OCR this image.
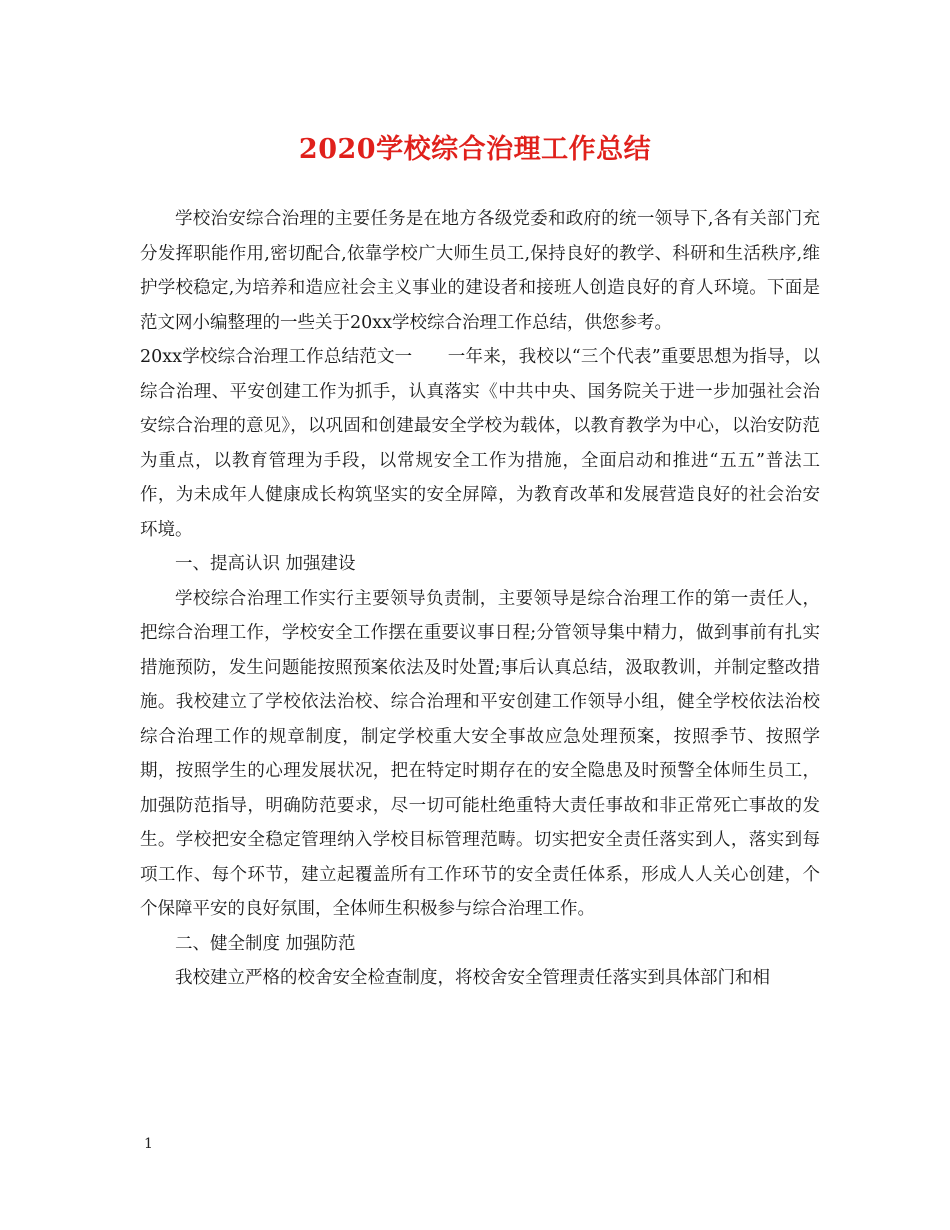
2020学校综合治理工作总结

学校治安综合治理的主要任务是在地方各级党委和政府的统一领导下,各有关部门充分发挥职能作用,密切配合,依靠学校广大师生员工,保持良好的教学、科研和生活秩序,维护学校稳定,为培养和造应社会主义事业的建设者和接班人创造良好的育人环境。下面是范文网小编整理的一些关于20xx学校综合治理工作总结，供您参考。

20xx学校综合治理工作总结范文一　　一年来，我校以“三个代表”重要思想为指导，以综合治理、平安创建工作为抓手，认真落实《中共中央、国务院关于进一步加强社会治安综合治理的意见》，以巩固和创建最安全学校为载体，以教育教学为中心，以治安防范为重点，以教育管理为手段，以常规安全工作为措施，全面启动和推进“五五”普法工作，为未成年人健康成长构筑坚实的安全屏障，为教育改革和发展营造良好的社会治安环境。

一、提高认识 加强建设

学校综合治理工作实行主要领导负责制，主要领导是综合治理工作的第一责任人，把综合治理工作，学校安全工作摆在重要议事日程;分管领导集中精力，做到事前有扎实措施预防，发生问题能按照预案依法及时处置;事后认真总结，汲取教训，并制定整改措施。我校建立了学校依法治校、综合治理和平安创建工作领导小组，健全学校依法治校综合治理工作的规章制度，制定学校重大安全事故应急处理预案，按照季节、按照学期，按照学生的心理发展状况，把在特定时期存在的安全隐患及时预警全体师生员工，加强防范指导，明确防范要求，尽一切可能杜绝重特大责任事故和非正常死亡事故的发生。学校把安全稳定管理纳入学校目标管理范畴。切实把安全责任落实到人，落实到每项工作、每个环节，建立起覆盖所有工作环节的安全责任体系，形成人人关心创建，个个保障平安的良好氛围，全体师生积极参与综合治理工作。

二、健全制度 加强防范

我校建立严格的校舍安全检查制度，将校舍安全管理责任落实到具体部门和相

1
